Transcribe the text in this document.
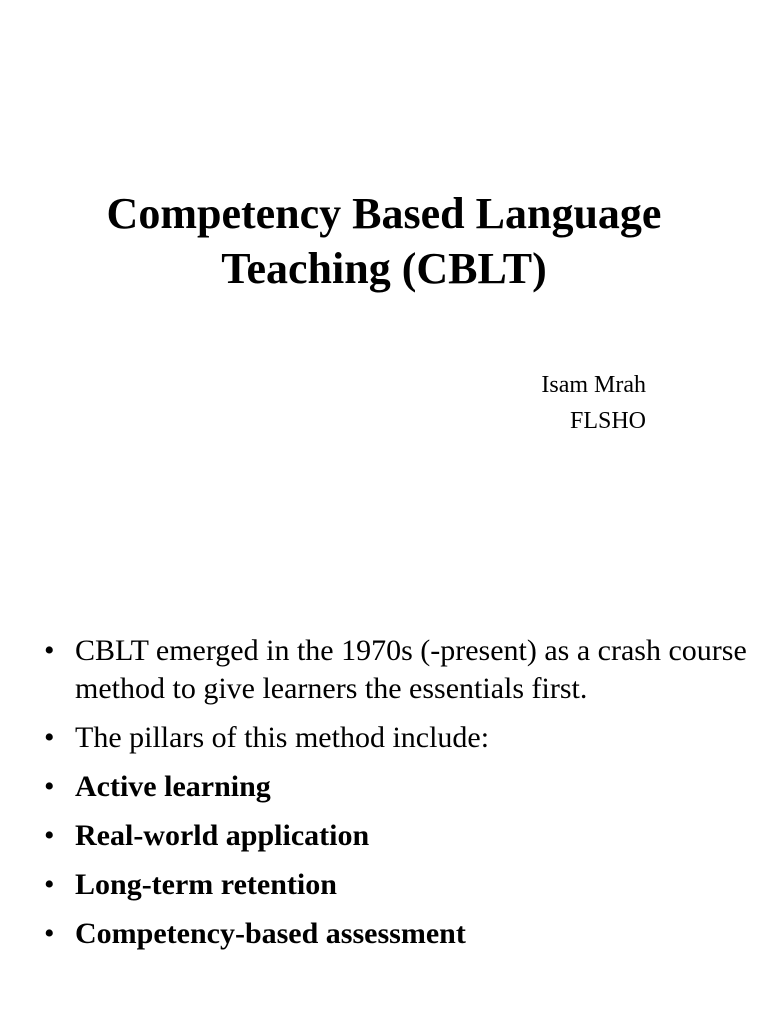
Competency Based Language
Teaching (CBLT)
Isam Mrah
FLSHO
• CBLT emerged in the 1970s (-present) as a crash course method to give learners the essentials first.
• The pillars of this method include:
• Active learning
• Real-world application
• Long-term retention
• Competency-based assessment
